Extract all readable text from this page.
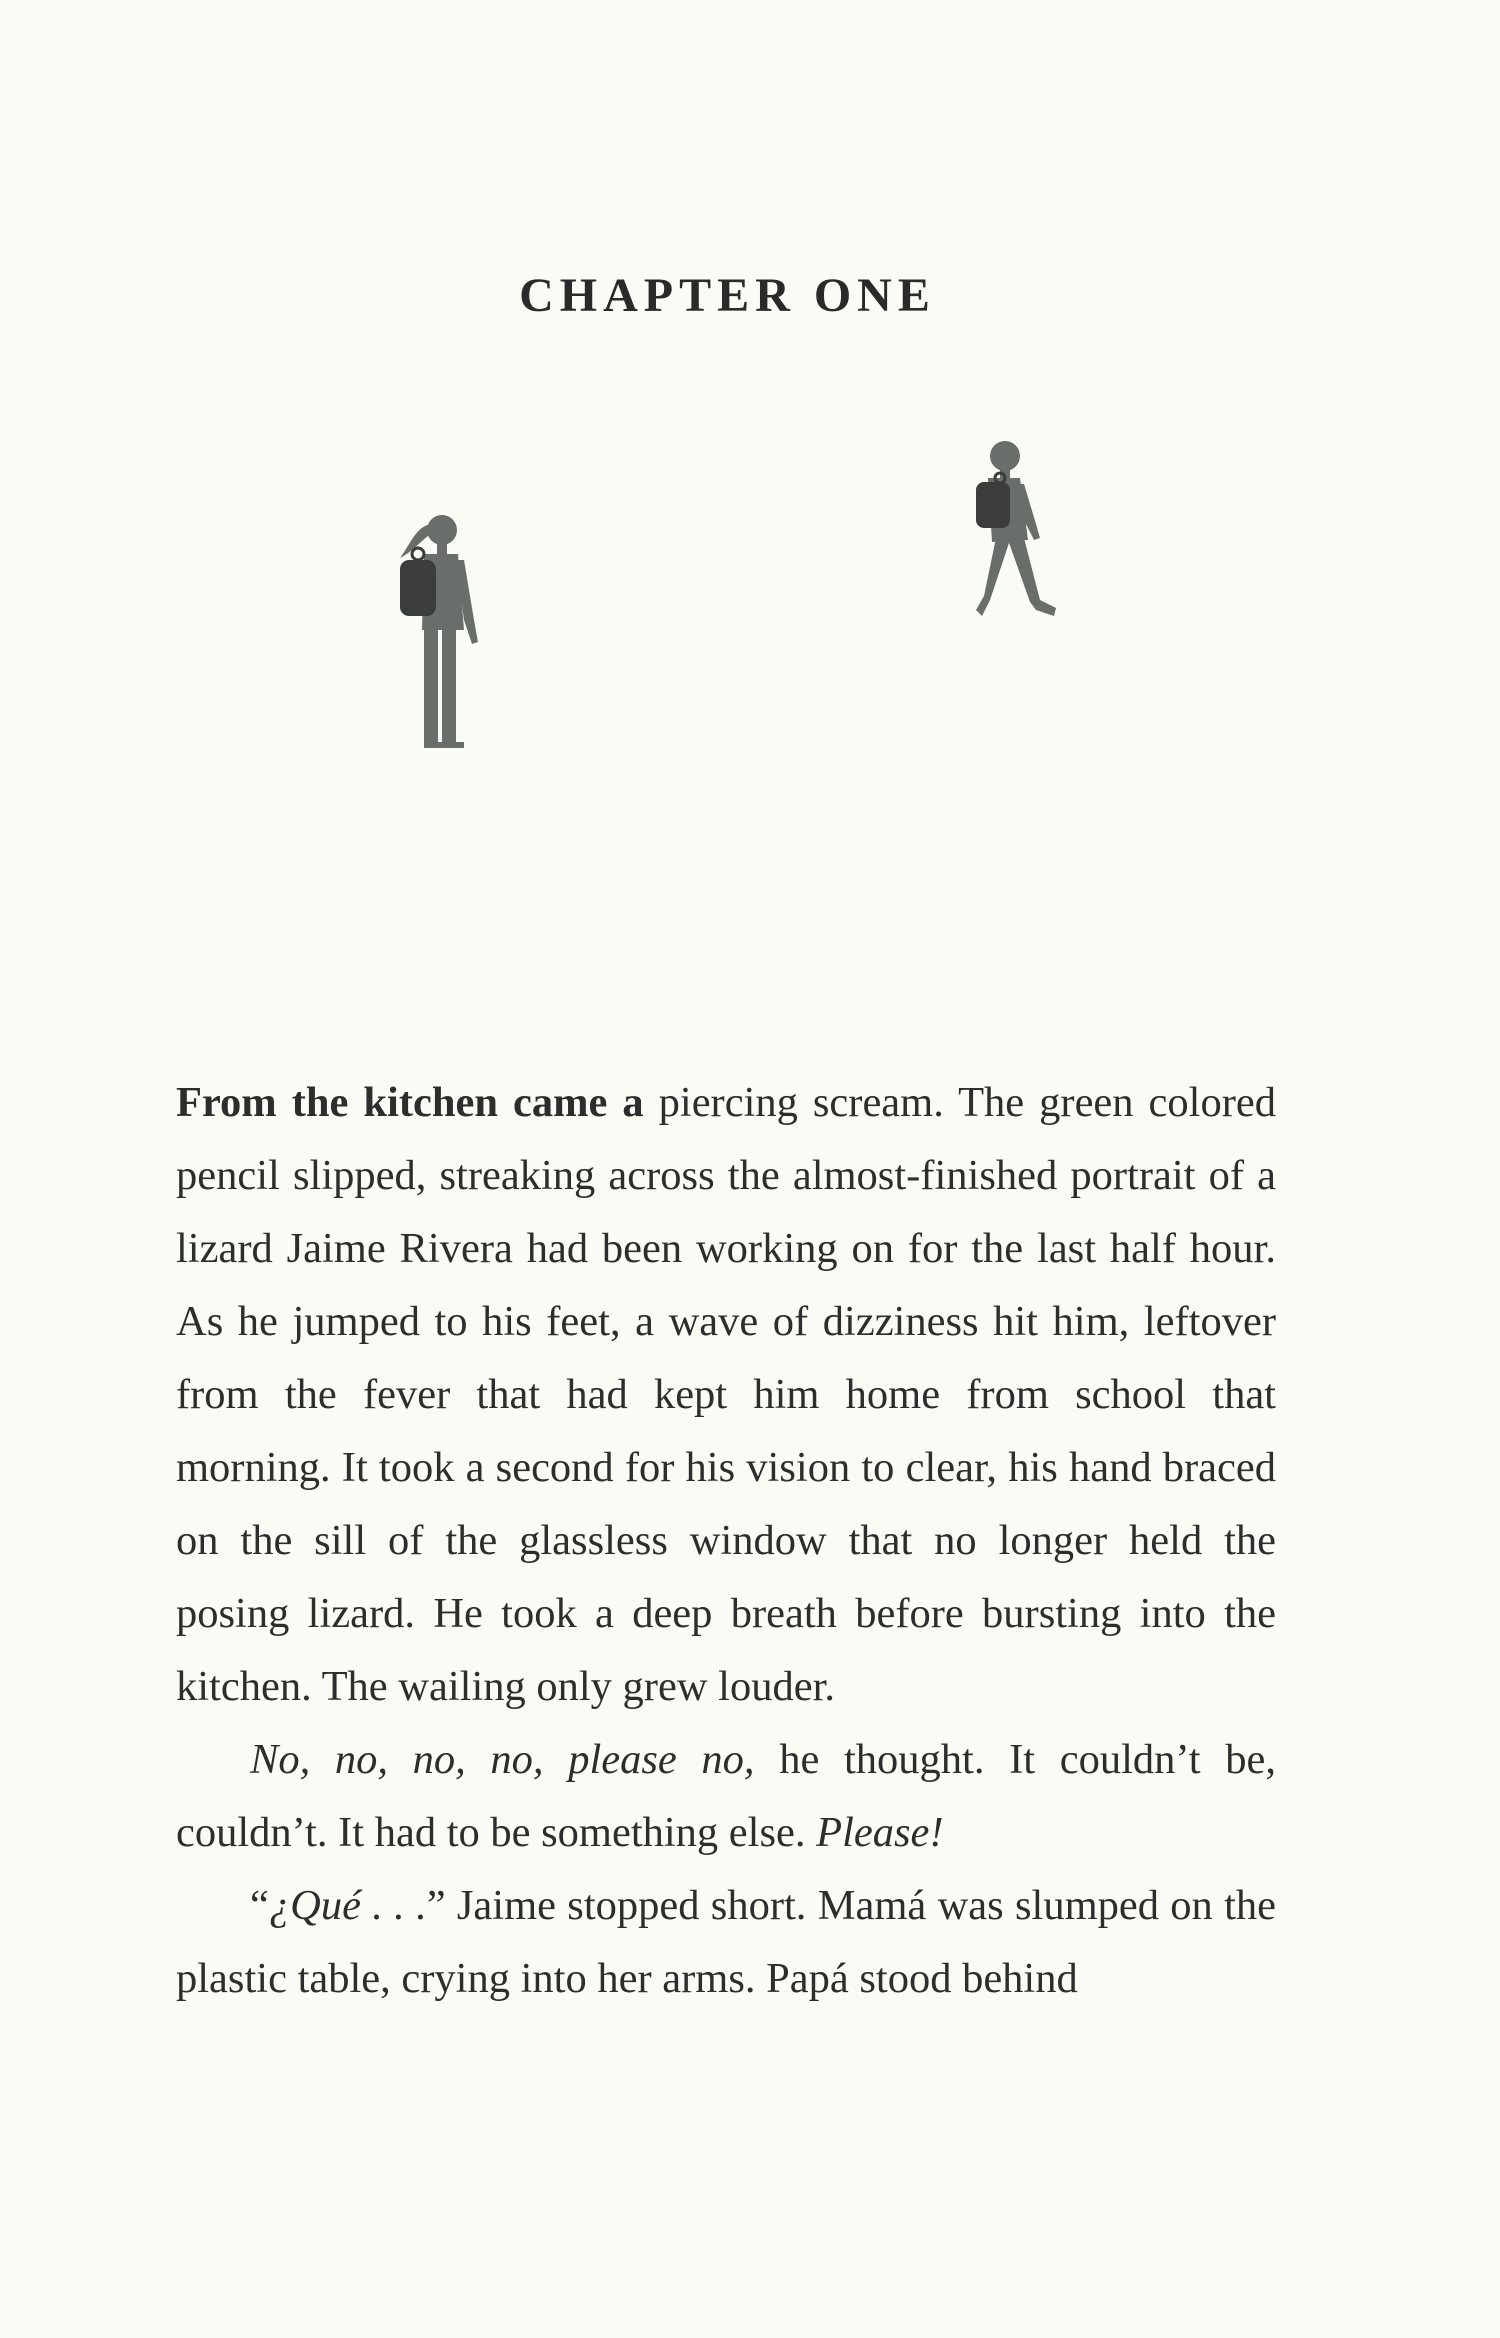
CHAPTER ONE

From the kitchen came a piercing scream. The green colored pencil slipped, streaking across the almost-finished portrait of a lizard Jaime Rivera had been working on for the last half hour. As he jumped to his feet, a wave of dizziness hit him, leftover from the fever that had kept him home from school that morning. It took a second for his vision to clear, his hand braced on the sill of the glassless window that no longer held the posing lizard. He took a deep breath before bursting into the kitchen. The wailing only grew louder.

No, no, no, no, please no, he thought. It couldn’t be, couldn’t. It had to be something else. Please!

“¿Qué . . .” Jaime stopped short. Mamá was slumped on the plastic table, crying into her arms. Papá stood behind
